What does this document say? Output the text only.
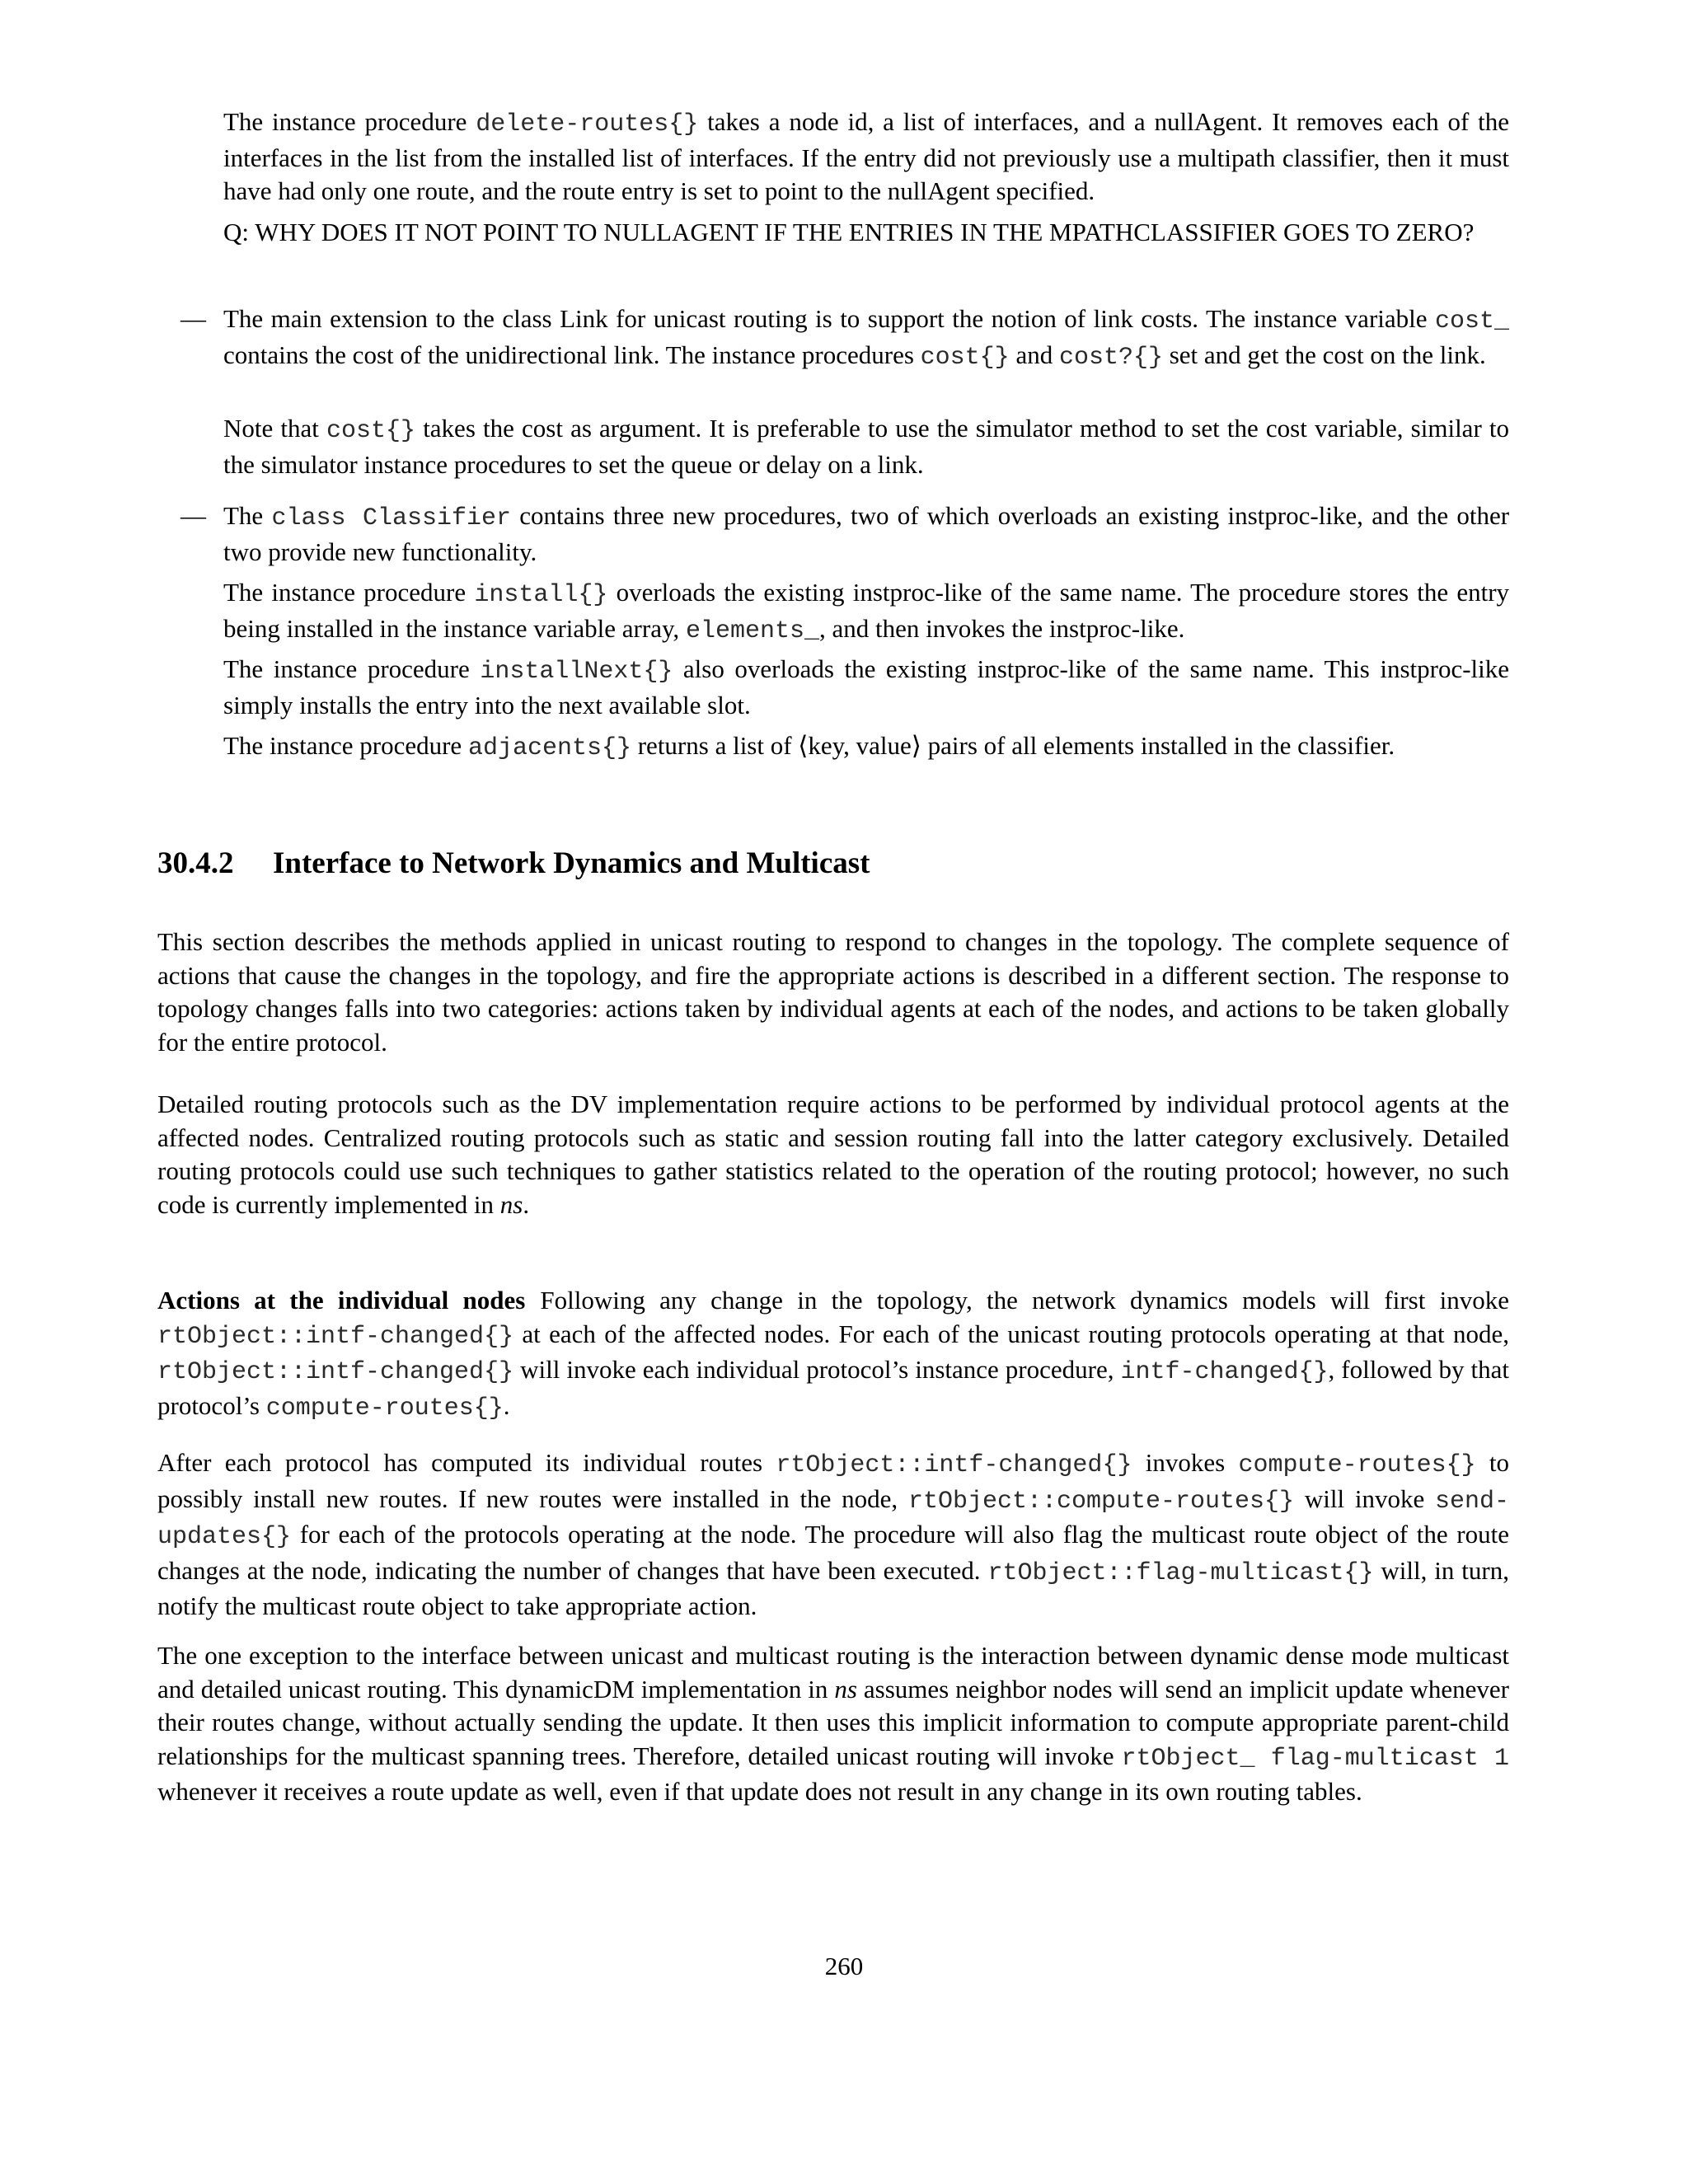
The instance procedure delete-routes{} takes a node id, a list of interfaces, and a nullAgent. It removes each of the interfaces in the list from the installed list of interfaces. If the entry did not previously use a multipath classifier, then it must have had only one route, and the route entry is set to point to the nullAgent specified.

Q: WHY DOES IT NOT POINT TO NULLAGENT IF THE ENTRIES IN THE MPATHCLASSIFIER GOES TO ZERO?

— The main extension to the class Link for unicast routing is to support the notion of link costs. The instance variable cost_ contains the cost of the unidirectional link. The instance procedures cost{} and cost?{} set and get the cost on the link.

Note that cost{} takes the cost as argument. It is preferable to use the simulator method to set the cost variable, similar to the simulator instance procedures to set the queue or delay on a link.

— The class Classifier contains three new procedures, two of which overloads an existing instproc-like, and the other two provide new functionality.

The instance procedure install{} overloads the existing instproc-like of the same name. The procedure stores the entry being installed in the instance variable array, elements_, and then invokes the instproc-like.

The instance procedure installNext{} also overloads the existing instproc-like of the same name. This instproc-like simply installs the entry into the next available slot.

The instance procedure adjacents{} returns a list of ⟨key, value⟩ pairs of all elements installed in the classifier.

30.4.2 Interface to Network Dynamics and Multicast

This section describes the methods applied in unicast routing to respond to changes in the topology. The complete sequence of actions that cause the changes in the topology, and fire the appropriate actions is described in a different section. The response to topology changes falls into two categories: actions taken by individual agents at each of the nodes, and actions to be taken globally for the entire protocol.

Detailed routing protocols such as the DV implementation require actions to be performed by individual protocol agents at the affected nodes. Centralized routing protocols such as static and session routing fall into the latter category exclusively. Detailed routing protocols could use such techniques to gather statistics related to the operation of the routing protocol; however, no such code is currently implemented in ns.

Actions at the individual nodes Following any change in the topology, the network dynamics models will first invoke rtObject::intf-changed{} at each of the affected nodes. For each of the unicast routing protocols operating at that node, rtObject::intf-changed{} will invoke each individual protocol’s instance procedure, intf-changed{}, followed by that protocol’s compute-routes{}.

After each protocol has computed its individual routes rtObject::intf-changed{} invokes compute-routes{} to possibly install new routes. If new routes were installed in the node, rtObject::compute-routes{} will invoke send-updates{} for each of the protocols operating at the node. The procedure will also flag the multicast route object of the route changes at the node, indicating the number of changes that have been executed. rtObject::flag-multicast{} will, in turn, notify the multicast route object to take appropriate action.

The one exception to the interface between unicast and multicast routing is the interaction between dynamic dense mode multicast and detailed unicast routing. This dynamicDM implementation in ns assumes neighbor nodes will send an implicit update whenever their routes change, without actually sending the update. It then uses this implicit information to compute appropriate parent-child relationships for the multicast spanning trees. Therefore, detailed unicast routing will invoke rtObject_ flag-multicast 1 whenever it receives a route update as well, even if that update does not result in any change in its own routing tables.

260
